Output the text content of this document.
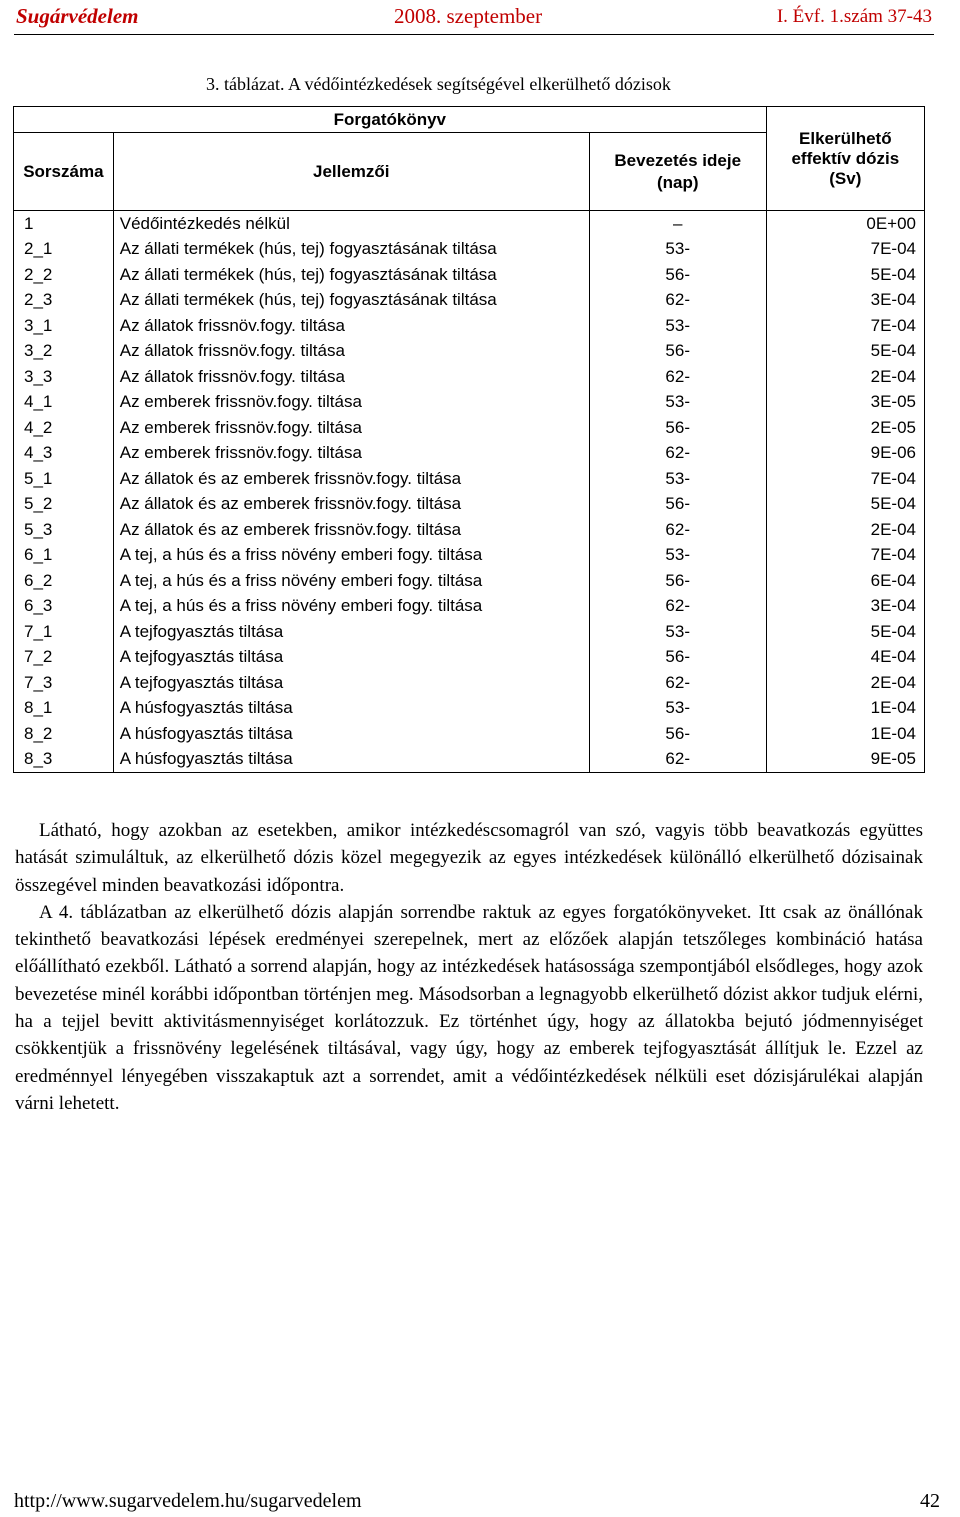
Sugárvédelem	2008. szeptember	I. Évf. 1.szám 37-43
3. táblázat. A védőintézkedések segítségével elkerülhető dózisok
Forgatókönyv			Elkerülhető effektív dózis (Sv)

Sorszáma	Jellemzői	Bevezetés ideje (nap)	

1	Védőintézkedés nélkül	–	0E+00
2_1	Az állati termékek (hús, tej) fogyasztásának tiltása	53-	7E-04
2_2	Az állati termékek (hús, tej) fogyasztásának tiltása	56-	5E-04
2_3	Az állati termékek (hús, tej) fogyasztásának tiltása	62-	3E-04
3_1	Az állatok frissnöv.fogy. tiltása	53-	7E-04
3_2	Az állatok frissnöv.fogy. tiltása	56-	5E-04
3_3	Az állatok frissnöv.fogy. tiltása	62-	2E-04
4_1	Az emberek frissnöv.fogy. tiltása	53-	3E-05
4_2	Az emberek frissnöv.fogy. tiltása	56-	2E-05
4_3	Az emberek frissnöv.fogy. tiltása	62-	9E-06
5_1	Az állatok és az emberek frissnöv.fogy. tiltása	53-	7E-04
5_2	Az állatok és az emberek frissnöv.fogy. tiltása	56-	5E-04
5_3	Az állatok és az emberek frissnöv.fogy. tiltása	62-	2E-04
6_1	A tej, a hús és a friss növény emberi fogy. tiltása	53-	7E-04
6_2	A tej, a hús és a friss növény emberi fogy. tiltása	56-	6E-04
6_3	A tej, a hús és a friss növény emberi fogy. tiltása	62-	3E-04
7_1	A tejfogyasztás tiltása	53-	5E-04
7_2	A tejfogyasztás tiltása	56-	4E-04
7_3	A tejfogyasztás tiltása	62-	2E-04
8_1	A húsfogyasztás tiltása	53-	1E-04
8_2	A húsfogyasztás tiltása	56-	1E-04
8_3	A húsfogyasztás tiltása	62-	9E-05

Látható, hogy azokban az esetekben, amikor intézkedéscsomagról van szó, vagyis több beavatkozás együttes hatását szimuláltuk, az elkerülhető dózis közel megegyezik az egyes intézkedések különálló elkerülhető dózisainak összegével minden beavatkozási időpontra.

A 4. táblázatban az elkerülhető dózis alapján sorrendbe raktuk az egyes forgatókönyveket. Itt csak az önállónak tekinthető beavatkozási lépések eredményei szerepelnek, mert az előzőek alapján tetszőleges kombináció hatása előállítható ezekből. Látható a sorrend alapján, hogy az intézkedések hatásossága szempontjából elsődleges, hogy azok bevezetése minél korábbi időpontban történjen meg. Másodsorban a legnagyobb elkerülhető dózist akkor tudjuk elérni, ha a tejjel bevitt aktivitásmennyiséget korlátozzuk. Ez történhet úgy, hogy az állatokba bejutó jódmennyiséget csökkentjük a frissnövény legelésének tiltásával, vagy úgy, hogy az emberek tejfogyasztását állítjuk le. Ezzel az eredménnyel lényegében visszakaptuk azt a sorrendet, amit a védőintézkedések nélküli eset dózisjárulékai alapján várni lehetett.

http://www.sugarvedelem.hu/sugarvedelem	42
